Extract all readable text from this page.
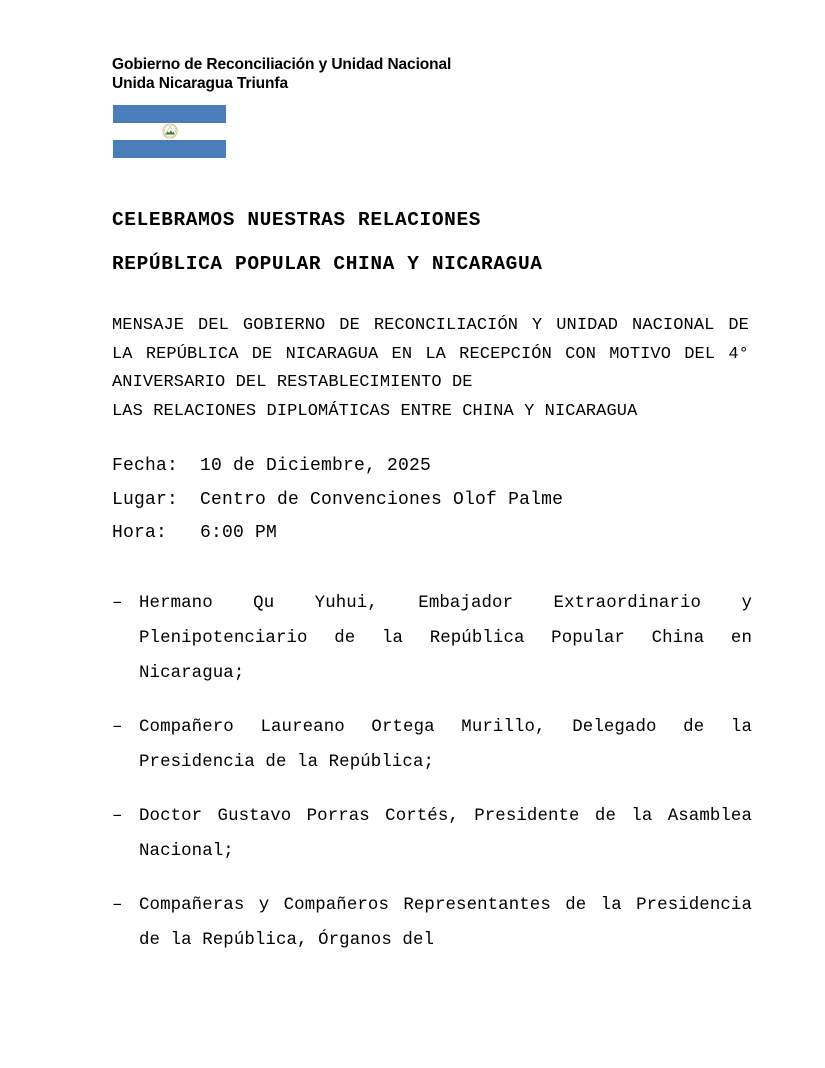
Gobierno de Reconciliación y Unidad Nacional
Unida Nicaragua Triunfa
CELEBRAMOS NUESTRAS RELACIONES
REPÚBLICA POPULAR CHINA Y NICARAGUA
MENSAJE DEL GOBIERNO DE RECONCILIACIÓN Y UNIDAD NACIONAL DE LA REPÚBLICA DE NICARAGUA EN LA RECEPCIÓN CON MOTIVO DEL 4° ANIVERSARIO DEL RESTABLECIMIENTO DE
LAS RELACIONES DIPLOMÁTICAS ENTRE CHINA Y NICARAGUA
Fecha:  10 de Diciembre, 2025
Lugar:  Centro de Convenciones Olof Palme
Hora:   6:00 PM
– Hermano Qu Yuhui, Embajador Extraordinario y Plenipotenciario de la República Popular China en Nicaragua;
– Compañero Laureano Ortega Murillo, Delegado de la Presidencia de la República;
– Doctor Gustavo Porras Cortés, Presidente de la Asamblea Nacional;
– Compañeras y Compañeros Representantes de la Presidencia de la República, Órganos del
